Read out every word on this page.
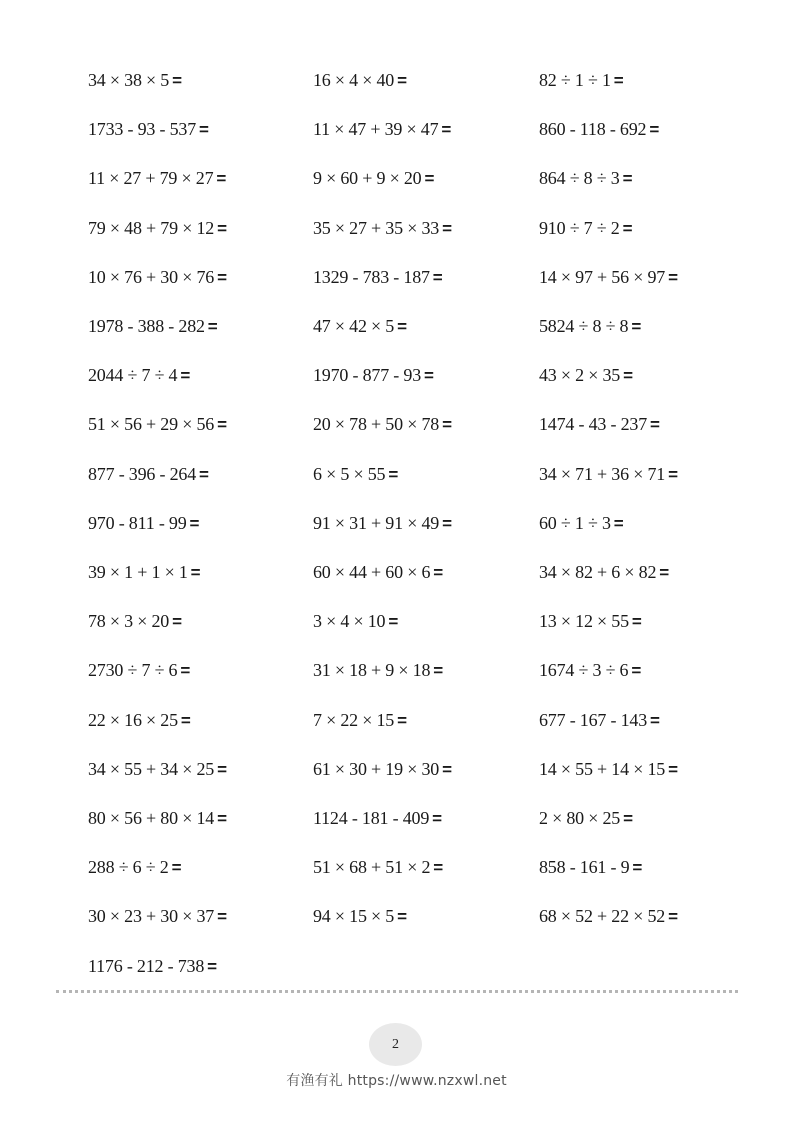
34 × 38 × 5 =	16 × 4 × 40 =	82 ÷ 1 ÷ 1 =
1733 - 93 - 537 =	11 × 47 + 39 × 47 =	860 - 118 - 692 =
11 × 27 + 79 × 27 =	9 × 60 + 9 × 20 =	864 ÷ 8 ÷ 3 =
79 × 48 + 79 × 12 =	35 × 27 + 35 × 33 =	910 ÷ 7 ÷ 2 =
10 × 76 + 30 × 76 =	1329 - 783 - 187 =	14 × 97 + 56 × 97 =
1978 - 388 - 282 =	47 × 42 × 5 =	5824 ÷ 8 ÷ 8 =
2044 ÷ 7 ÷ 4 =	1970 - 877 - 93 =	43 × 2 × 35 =
51 × 56 + 29 × 56 =	20 × 78 + 50 × 78 =	1474 - 43 - 237 =
877 - 396 - 264 =	6 × 5 × 55 =	34 × 71 + 36 × 71 =
970 - 811 - 99 =	91 × 31 + 91 × 49 =	60 ÷ 1 ÷ 3 =
39 × 1 + 1 × 1 =	60 × 44 + 60 × 6 =	34 × 82 + 6 × 82 =
78 × 3 × 20 =	3 × 4 × 10 =	13 × 12 × 55 =
2730 ÷ 7 ÷ 6 =	31 × 18 + 9 × 18 =	1674 ÷ 3 ÷ 6 =
22 × 16 × 25 =	7 × 22 × 15 =	677 - 167 - 143 =
34 × 55 + 34 × 25 =	61 × 30 + 19 × 30 =	14 × 55 + 14 × 15 =
80 × 56 + 80 × 14 =	1124 - 181 - 409 =	2 × 80 × 25 =
288 ÷ 6 ÷ 2 =	51 × 68 + 51 × 2 =	858 - 161 - 9 =
30 × 23 + 30 × 37 =	94 × 15 × 5 =	68 × 52 + 22 × 52 =
1176 - 212 - 738 =
2
有渔有礼 https://www.nzxwl.net
